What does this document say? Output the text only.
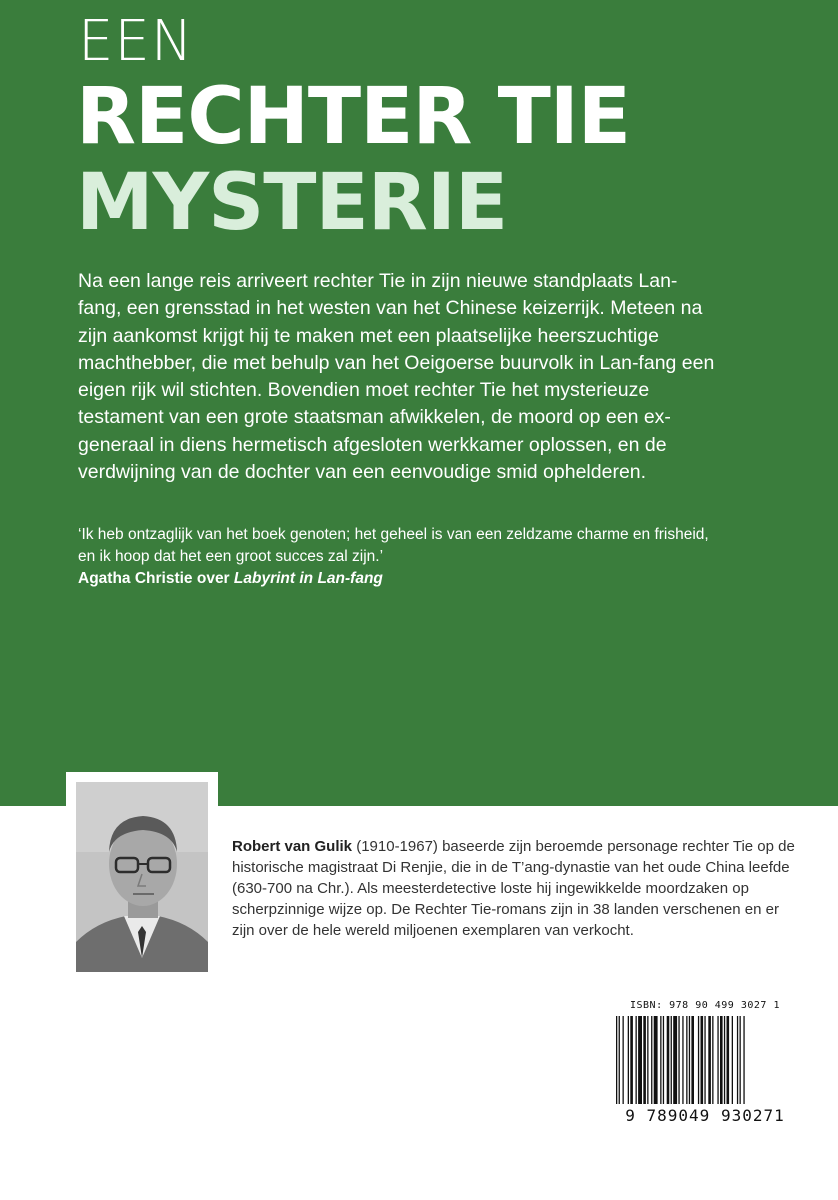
EEN
RECHTER TIE
MYSTERIE

Na een lange reis arriveert rechter Tie in zijn nieuwe standplaats Lan-fang, een grensstad in het westen van het Chinese keizerrijk. Meteen na zijn aankomst krijgt hij te maken met een plaatselijke heerszuchtige machthebber, die met behulp van het Oeigoerse buurvolk in Lan-fang een eigen rijk wil stichten. Bovendien moet rechter Tie het mysterieuze testament van een grote staatsman afwikkelen, de moord op een ex-generaal in diens hermetisch afgesloten werkkamer oplossen, en de verdwijning van de dochter van een eenvoudige smid ophelderen.

‘Ik heb ontzaglijk van het boek genoten; het geheel is van een zeldzame charme en frisheid, en ik hoop dat het een groot succes zal zijn.’
Agatha Christie over Labyrint in Lan-fang

Robert van Gulik (1910-1967) baseerde zijn beroemde personage rechter Tie op de historische magistraat Di Renjie, die in de T’ang-dynastie van het oude China leefde (630-700 na Chr.). Als meesterdetective loste hij ingewikkelde moordzaken op scherpzinnige wijze op. De Rechter Tie-romans zijn in 38 landen verschenen en er zijn over de hele wereld miljoenen exemplaren van verkocht.

ISBN: 978 90 499 3027 1
9 789049 930271
